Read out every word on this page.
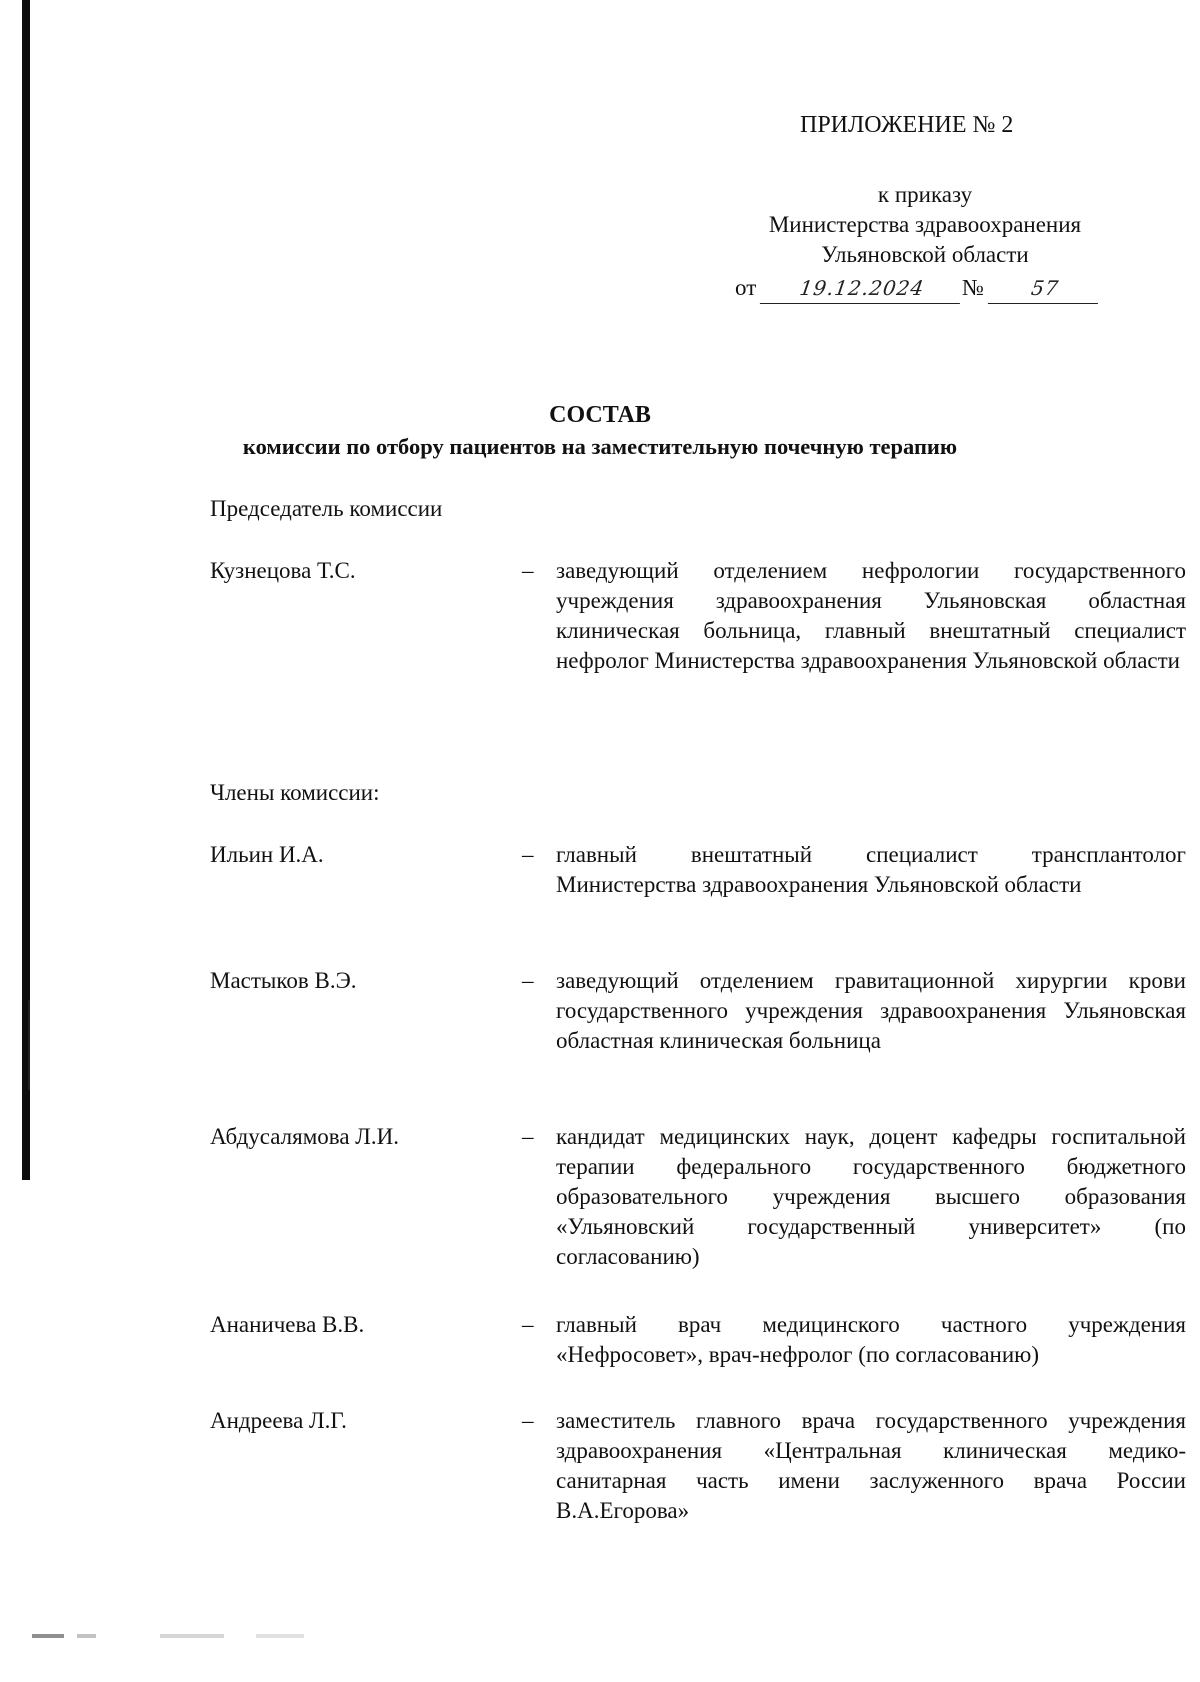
ПРИЛОЖЕНИЕ № 2
к приказу
Министерства здравоохранения
Ульяновской области
от 19.12.2024 № 57
СОСТАВ
комиссии по отбору пациентов на заместительную почечную терапию
Председатель комиссии
Кузнецова Т.С.	– заведующий отделением нефрологии государственного учреждения здравоохранения Ульяновская областная клиническая больница, главный внештатный специалист нефролог Министерства здравоохранения Ульяновской области
Члены комиссии:
Ильин И.А.	– главный внештатный специалист трансплантолог Министерства здравоохранения Ульяновской области
Мастыков В.Э.	– заведующий отделением гравитационной хирургии крови государственного учреждения здравоохранения Ульяновская областная клиническая больница
Абдусалямова Л.И.	– кандидат медицинских наук, доцент кафедры госпитальной терапии федерального государственного бюджетного образовательного учреждения высшего образования «Ульяновский государственный университет» (по согласованию)
Ананичева В.В.	– главный врач медицинского частного учреждения «Нефросовет», врач-нефролог (по согласованию)
Андреева Л.Г.	– заместитель главного врача государственного учреждения здравоохранения «Центральная клиническая медико-санитарная часть имени заслуженного врача России В.А.Егорова»
